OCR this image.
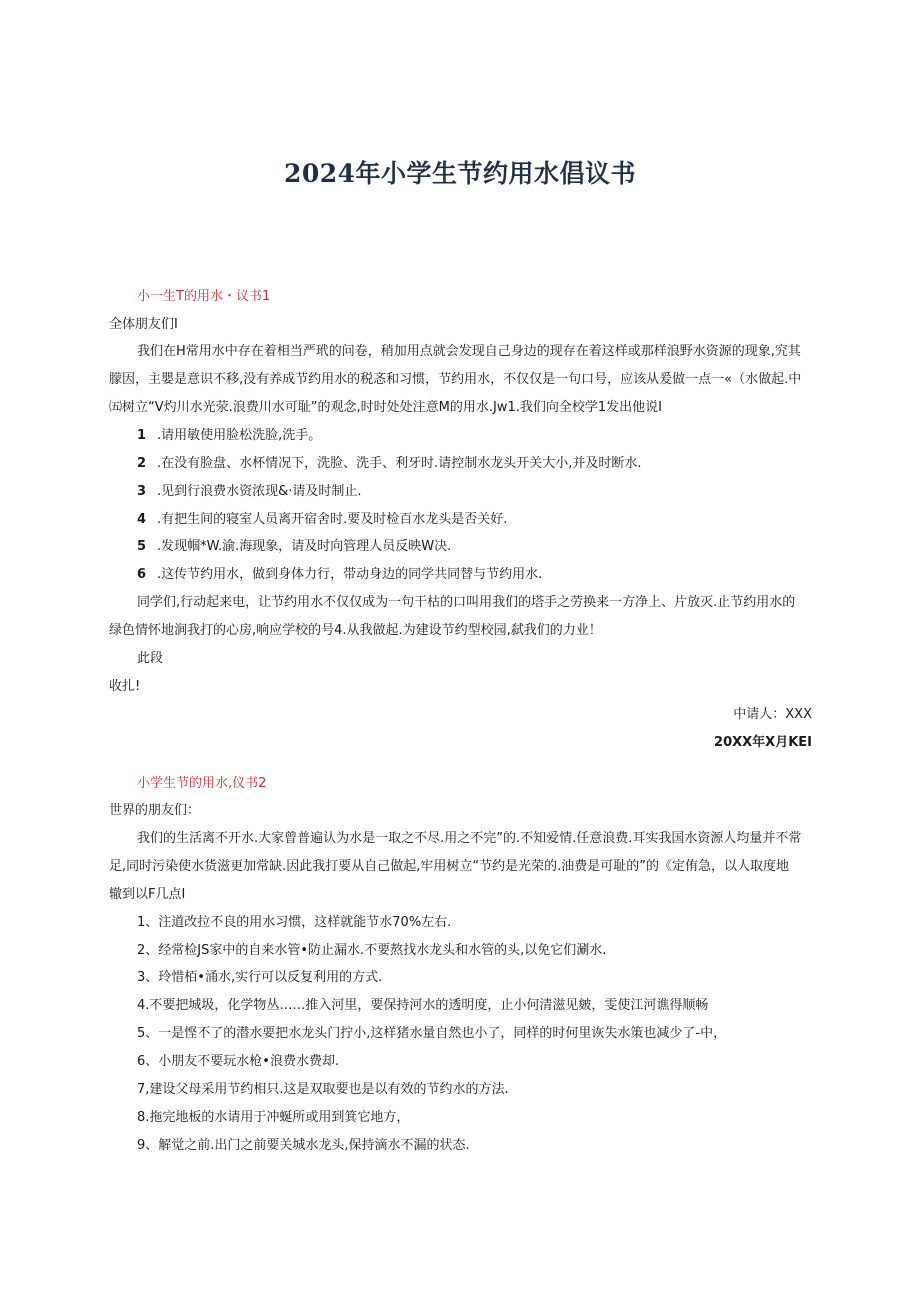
2024年小学生节约用水倡议书
小一生T的用水・议书1
全体朋友们I
我们在H常用水中存在着相当严玳的问卷，稍加用点就会发现自己身边的现存在着这样或那样浪野水资源的现象,究其
朦因，主嬰是意识不移,没有养成节约用水的税忞和习惯，节约用水，不仅仅是一句口号，应该从爰做一点一«（水做起.中
㈤树立“V灼川水光荥.浪费川水可耻”的观念,时时处处注意M的用水.Jw1.我们向全校学1发出他说I
1 .请用敏使用脸松洗脸,洗手。
2 .在没有脸盘、水杯情况下，洗脸、洗手、利牙时.请控制水龙头开关大小,并及时断水.
3 .见到行浪费水资浓现&·请及时制止.
4 .有把生间的寝室人员离开宿舍时.要及时检百水龙头是否关好.
5 .发现帼*W.渝.海现象，请及时向管理人员反映W决.
6 .这传节约用水，做到身体力行，带动身边的同学共同替与节约用水.
同学们,行动起来电，让节约用水不仅仅成为一句干枯的口叫用我们的塔手之劳换来一方净上、片放灭.止节约用水的
绿色情怀地涧我打的心房,响应学校的号4.从我做起.为建设节约型校园,弑我们的力业！
此段
收扎!
中请人：XXX
20XX年X月KEI
小学生节的用水,仪书2
世界的朋友们：
我们的生活离不开水.大家曾普遍认为水是一取之不尽.用之不完”的.不知爱情.任意浪费.耳实我国水资源人均量并不常
足,同时污染使水货滋更加常缺.因此我打要从自己做起,牢用树立“节约是光荣的.油费是可耻的”的《定侑急，以人取度地
辙到以F几点I
1、注道改拉不良的用水习惯，这样就能节水70%左右.
2、经常检JS家中的自来水管•防止漏水.不要熬找水龙头和水管的头,以免它们涮水.
3、玲惜栢•涌水,实行可以反复利用的方式.
4.不要把城圾，化学物丛……推入河里，要保持河水的透明度，止小何清滋见皴，雯使江河谯得顺畅
5、一是悭不了的潜水要把水龙头门拧小,这样猪水量自然也小了，同样的时何里诙失水策也减少了-中，
6、小朋友不要玩水枪•浪费水费却.
7,建设父母采用节约相只.这是双取要也是以有效的节约水的方法.
8.拖完地板的水请用于冲蜒所或用到箕它地方，
9、解觉之前.出门之前要关城水龙头,保持滴水不漏的状态.
